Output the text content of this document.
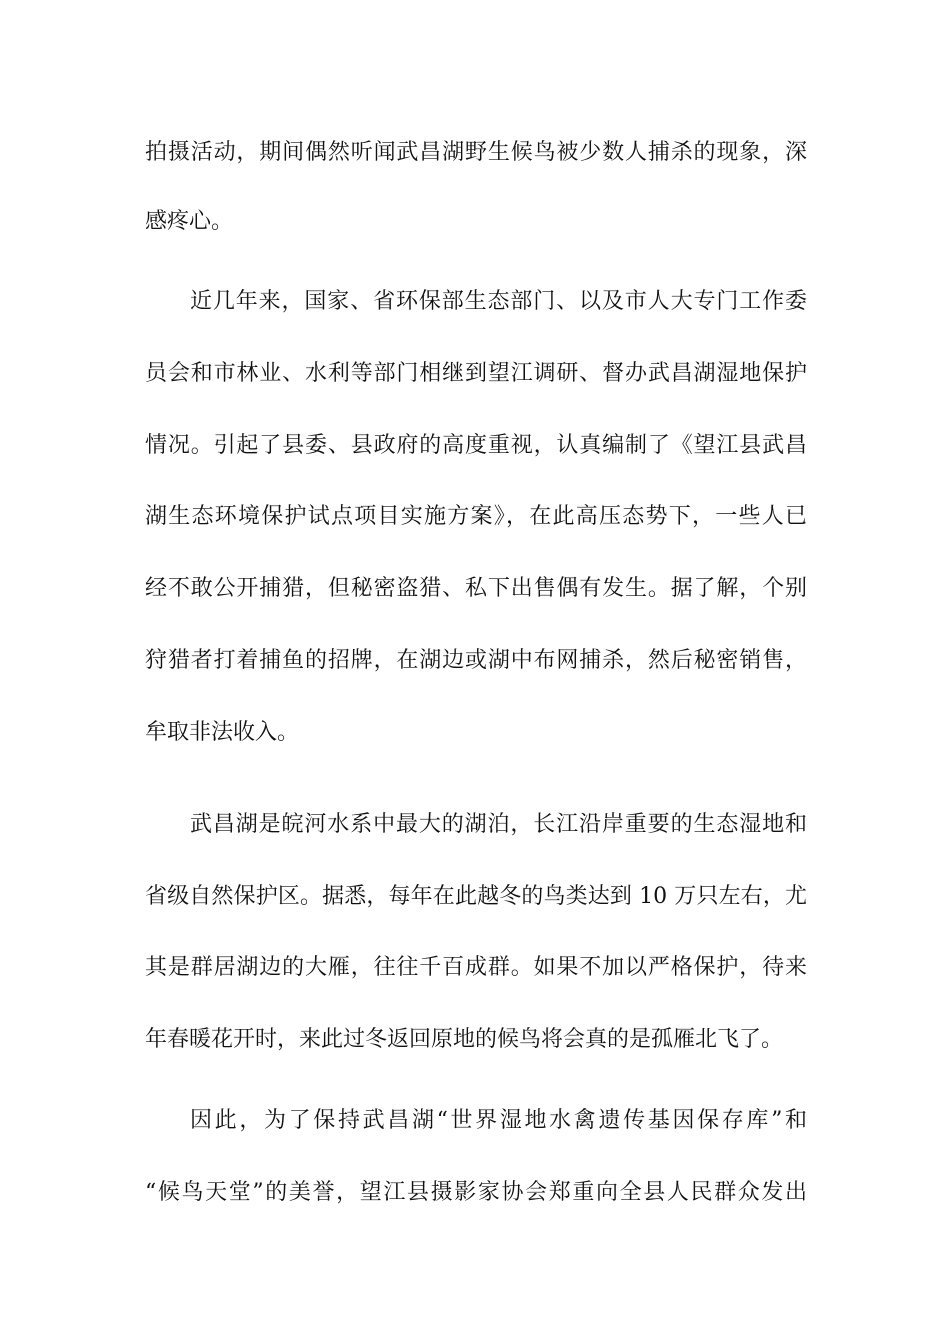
拍摄活动，期间偶然听闻武昌湖野生候鸟被少数人捕杀的现象，深
感疼心。
近几年来，国家、省环保部生态部门、以及市人大专门工作委
员会和市林业、水利等部门相继到望江调研、督办武昌湖湿地保护
情况。引起了县委、县政府的高度重视，认真编制了《望江县武昌
湖生态环境保护试点项目实施方案》，在此高压态势下，一些人已
经不敢公开捕猎，但秘密盗猎、私下出售偶有发生。据了解，个别
狩猎者打着捕鱼的招牌，在湖边或湖中布网捕杀，然后秘密销售，
牟取非法收入。
武昌湖是皖河水系中最大的湖泊，长江沿岸重要的生态湿地和
省级自然保护区。据悉，每年在此越冬的鸟类达到 10 万只左右，尤
其是群居湖边的大雁，往往千百成群。如果不加以严格保护，待来
年春暖花开时，来此过冬返回原地的候鸟将会真的是孤雁北飞了。
因此，为了保持武昌湖“世界湿地水禽遗传基因保存库”和
“候鸟天堂”的美誉，望江县摄影家协会郑重向全县人民群众发出
